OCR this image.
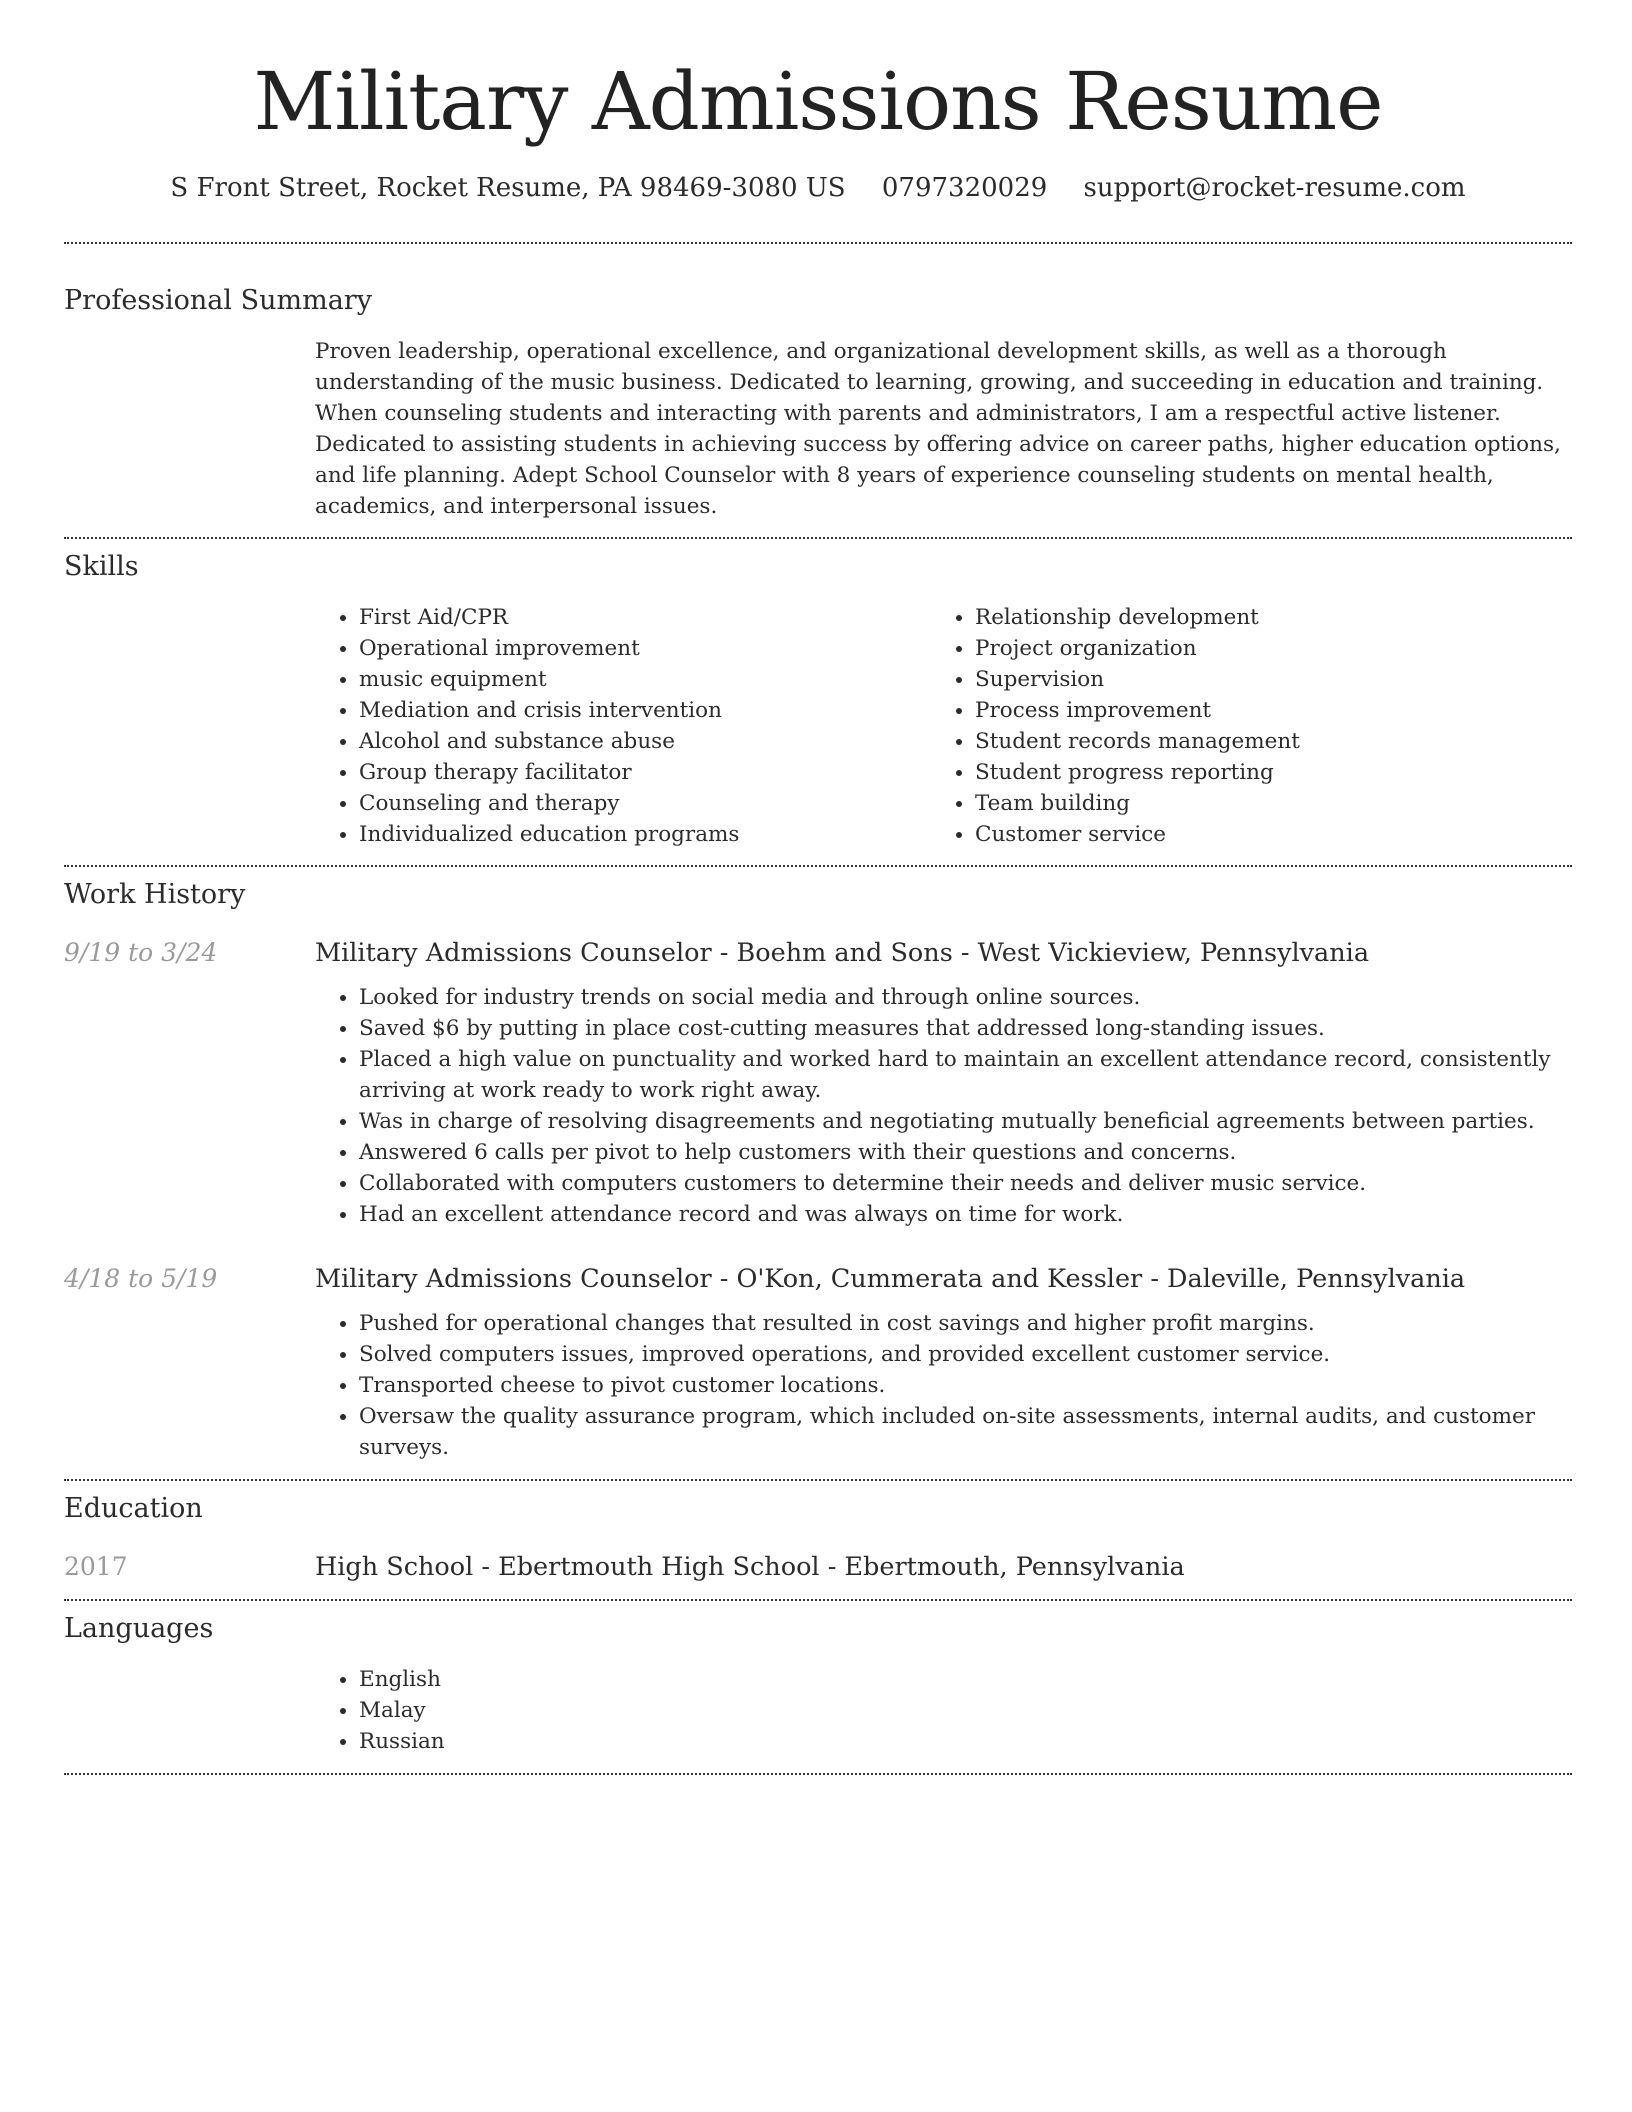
Military Admissions Resume
S Front Street, Rocket Resume, PA 98469-3080 US 0797320029 support@rocket-resume.com
Professional Summary
Proven leadership, operational excellence, and organizational development skills, as well as a thorough understanding of the music business. Dedicated to learning, growing, and succeeding in education and training. When counseling students and interacting with parents and administrators, I am a respectful active listener. Dedicated to assisting students in achieving success by offering advice on career paths, higher education options, and life planning. Adept School Counselor with 8 years of experience counseling students on mental health, academics, and interpersonal issues.
Skills
• First Aid/CPR
• Operational improvement
• music equipment
• Mediation and crisis intervention
• Alcohol and substance abuse
• Group therapy facilitator
• Counseling and therapy
• Individualized education programs
• Relationship development
• Project organization
• Supervision
• Process improvement
• Student records management
• Student progress reporting
• Team building
• Customer service
Work History
9/19 to 3/24	Military Admissions Counselor - Boehm and Sons - West Vickieview, Pennsylvania
• Looked for industry trends on social media and through online sources.
• Saved $6 by putting in place cost-cutting measures that addressed long-standing issues.
• Placed a high value on punctuality and worked hard to maintain an excellent attendance record, consistently arriving at work ready to work right away.
• Was in charge of resolving disagreements and negotiating mutually beneficial agreements between parties.
• Answered 6 calls per pivot to help customers with their questions and concerns.
• Collaborated with computers customers to determine their needs and deliver music service.
• Had an excellent attendance record and was always on time for work.
4/18 to 5/19	Military Admissions Counselor - O'Kon, Cummerata and Kessler - Daleville, Pennsylvania
• Pushed for operational changes that resulted in cost savings and higher profit margins.
• Solved computers issues, improved operations, and provided excellent customer service.
• Transported cheese to pivot customer locations.
• Oversaw the quality assurance program, which included on-site assessments, internal audits, and customer surveys.
Education
2017	High School - Ebertmouth High School - Ebertmouth, Pennsylvania
Languages
• English
• Malay
• Russian
